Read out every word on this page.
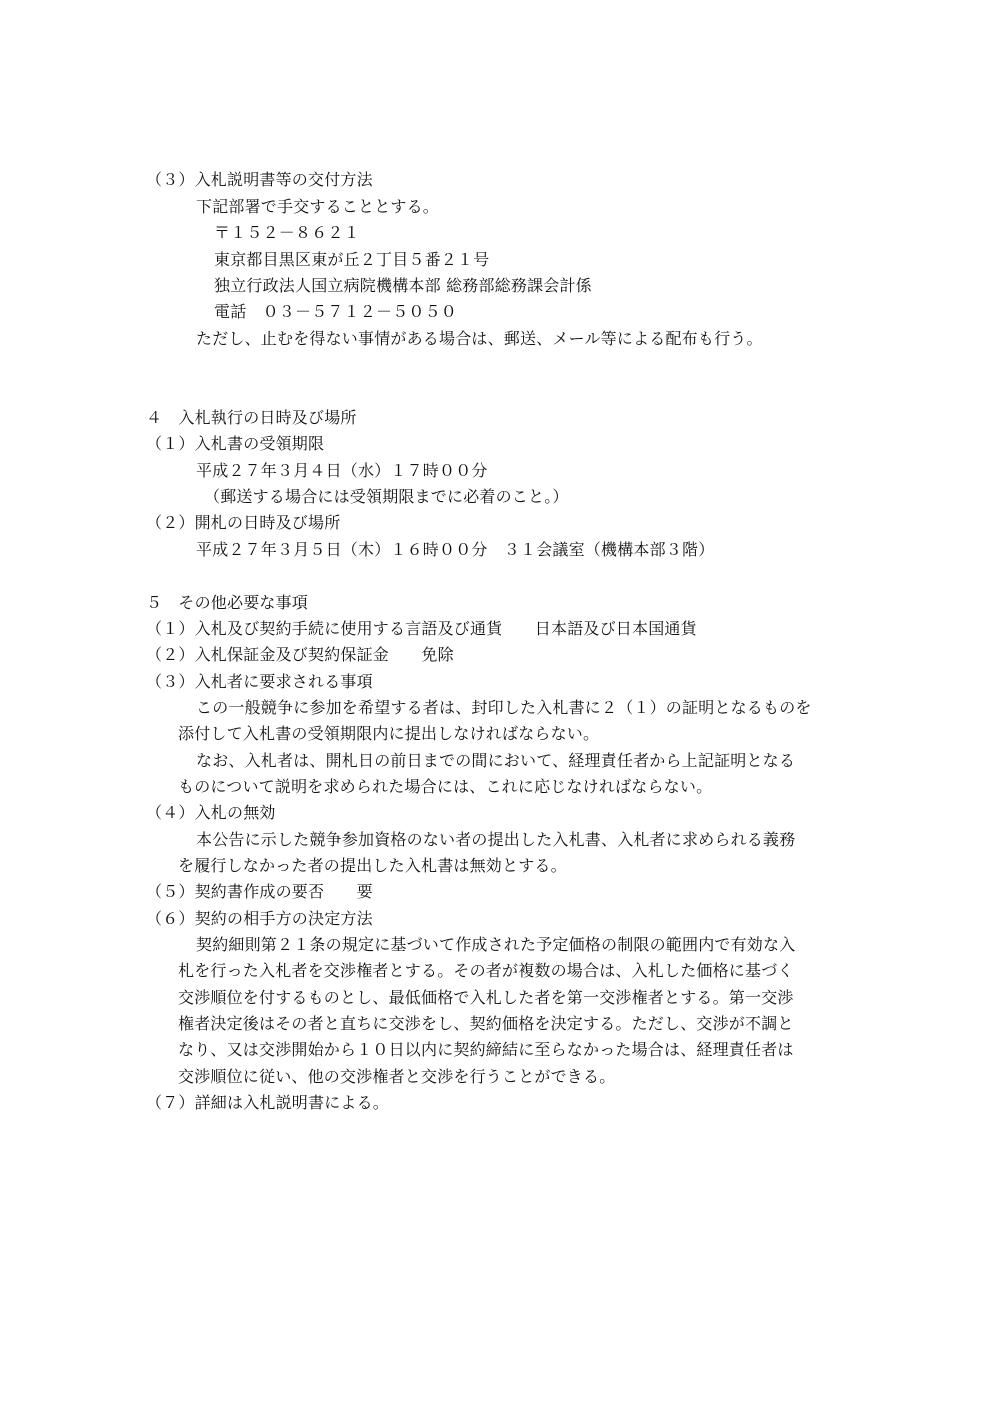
（３）入札説明書等の交付方法
下記部署で手交することとする。
〒１５２－８６２１
東京都目黒区東が丘２丁目５番２１号
独立行政法人国立病院機構本部 総務部総務課会計係
電話　０３－５７１２－５０５０
ただし、止むを得ない事情がある場合は、郵送、メール等による配布も行う。
４　入札執行の日時及び場所
（１）入札書の受領期限
平成２７年３月４日（水）１７時００分
（郵送する場合には受領期限までに必着のこと。）
（２）開札の日時及び場所
平成２７年３月５日（木）１６時００分　３１会議室（機構本部３階）
５　その他必要な事項
（１）入札及び契約手続に使用する言語及び通貨　　日本語及び日本国通貨
（２）入札保証金及び契約保証金　　免除
（３）入札者に要求される事項
この一般競争に参加を希望する者は、封印した入札書に２（１）の証明となるものを
添付して入札書の受領期限内に提出しなければならない。
なお、入札者は、開札日の前日までの間において、経理責任者から上記証明となる
ものについて説明を求められた場合には、これに応じなければならない。
（４）入札の無効
本公告に示した競争参加資格のない者の提出した入札書、入札者に求められる義務
を履行しなかった者の提出した入札書は無効とする。
（５）契約書作成の要否　　要
（６）契約の相手方の決定方法
契約細則第２１条の規定に基づいて作成された予定価格の制限の範囲内で有効な入
札を行った入札者を交渉権者とする。その者が複数の場合は、入札した価格に基づく
交渉順位を付するものとし、最低価格で入札した者を第一交渉権者とする。第一交渉
権者決定後はその者と直ちに交渉をし、契約価格を決定する。ただし、交渉が不調と
なり、又は交渉開始から１０日以内に契約締結に至らなかった場合は、経理責任者は
交渉順位に従い、他の交渉権者と交渉を行うことができる。
（７）詳細は入札説明書による。
